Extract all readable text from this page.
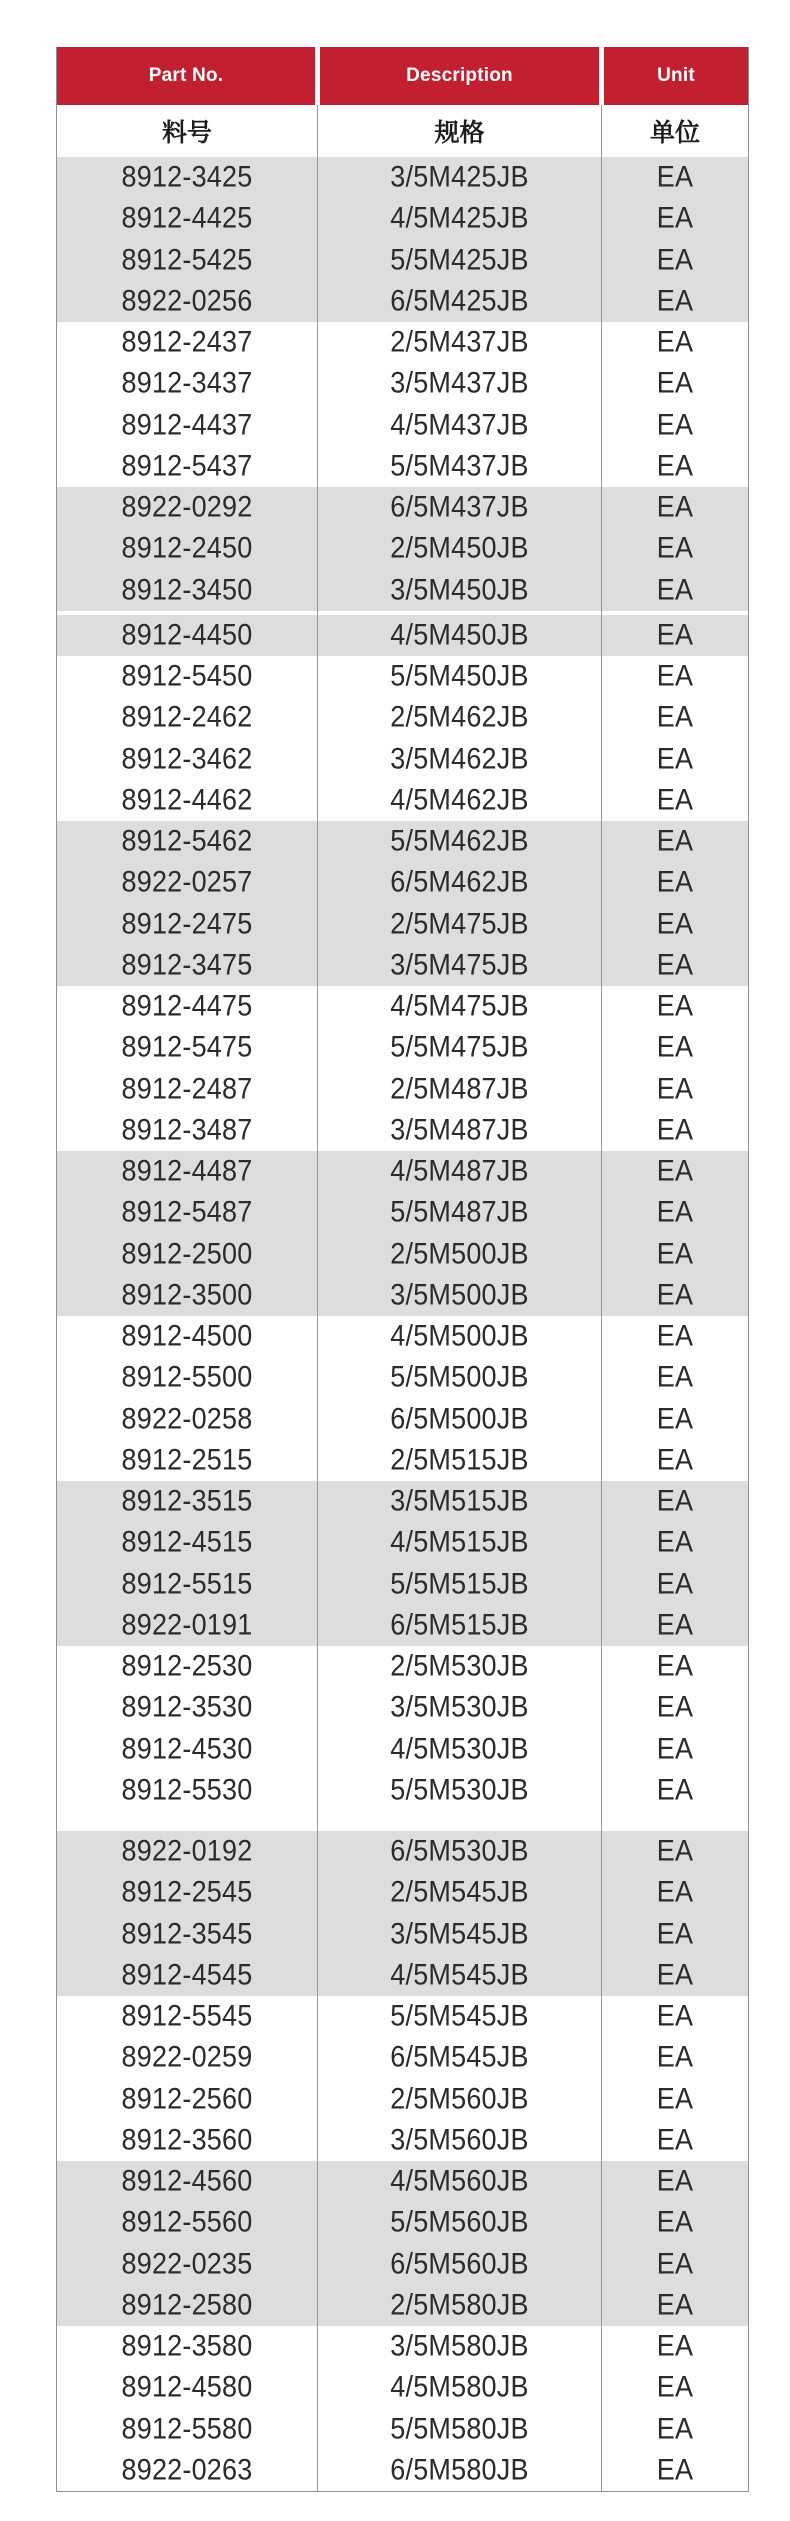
Part No.	Description	Unit
料号	规格	单位
8912-3425	3/5M425JB	EA
8912-4425	4/5M425JB	EA
8912-5425	5/5M425JB	EA
8922-0256	6/5M425JB	EA
8912-2437	2/5M437JB	EA
8912-3437	3/5M437JB	EA
8912-4437	4/5M437JB	EA
8912-5437	5/5M437JB	EA
8922-0292	6/5M437JB	EA
8912-2450	2/5M450JB	EA
8912-3450	3/5M450JB	EA
8912-4450	4/5M450JB	EA
8912-5450	5/5M450JB	EA
8912-2462	2/5M462JB	EA
8912-3462	3/5M462JB	EA
8912-4462	4/5M462JB	EA
8912-5462	5/5M462JB	EA
8922-0257	6/5M462JB	EA
8912-2475	2/5M475JB	EA
8912-3475	3/5M475JB	EA
8912-4475	4/5M475JB	EA
8912-5475	5/5M475JB	EA
8912-2487	2/5M487JB	EA
8912-3487	3/5M487JB	EA
8912-4487	4/5M487JB	EA
8912-5487	5/5M487JB	EA
8912-2500	2/5M500JB	EA
8912-3500	3/5M500JB	EA
8912-4500	4/5M500JB	EA
8912-5500	5/5M500JB	EA
8922-0258	6/5M500JB	EA
8912-2515	2/5M515JB	EA
8912-3515	3/5M515JB	EA
8912-4515	4/5M515JB	EA
8912-5515	5/5M515JB	EA
8922-0191	6/5M515JB	EA
8912-2530	2/5M530JB	EA
8912-3530	3/5M530JB	EA
8912-4530	4/5M530JB	EA
8912-5530	5/5M530JB	EA
8922-0192	6/5M530JB	EA
8912-2545	2/5M545JB	EA
8912-3545	3/5M545JB	EA
8912-4545	4/5M545JB	EA
8912-5545	5/5M545JB	EA
8922-0259	6/5M545JB	EA
8912-2560	2/5M560JB	EA
8912-3560	3/5M560JB	EA
8912-4560	4/5M560JB	EA
8912-5560	5/5M560JB	EA
8922-0235	6/5M560JB	EA
8912-2580	2/5M580JB	EA
8912-3580	3/5M580JB	EA
8912-4580	4/5M580JB	EA
8912-5580	5/5M580JB	EA
8922-0263	6/5M580JB	EA
